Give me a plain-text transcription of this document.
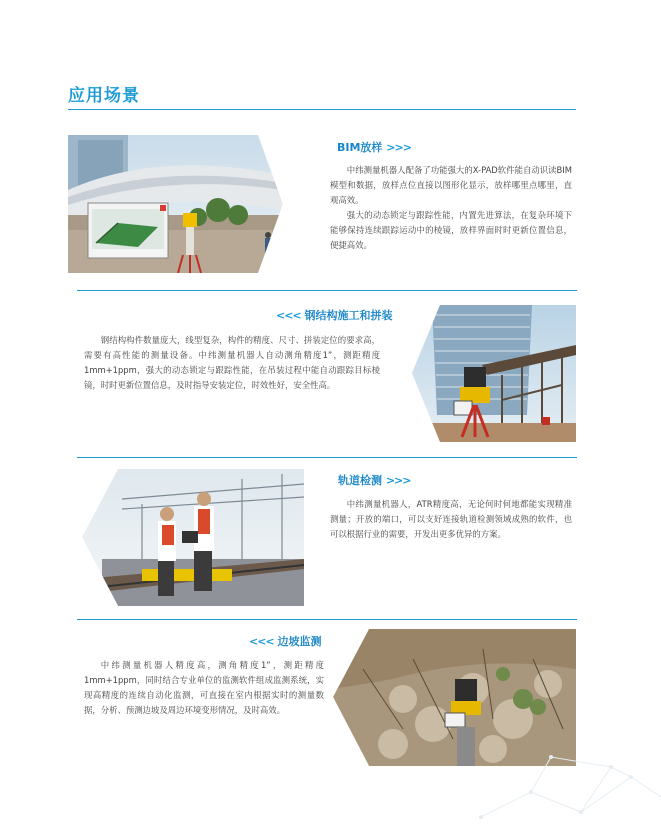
应用场景
BIM放样 >>>

中纬测量机器人配备了功能强大的X-PAD软件能自动识读BIM模型和数据，放样点位直接以图形化显示，放样哪里点哪里，直观高效。

强大的动态锁定与跟踪性能，内置先进算法，在复杂环境下能够保持连续跟踪运动中的棱镜，放样界面时时更新位置信息，便捷高效。

<<< 钢结构施工和拼装

钢结构构件数量庞大，线型复杂，构件的精度、尺寸、拼装定位的要求高，需要有高性能的测量设备。中纬测量机器人自动测角精度1”，测距精度1mm+1ppm，强大的动态锁定与跟踪性能，在吊装过程中能自动跟踪目标棱镜，时时更新位置信息，及时指导安装定位，时效性好，安全性高。

轨道检测 >>>

中纬测量机器人，ATR精度高，无论何时何地都能实现精准测量；开放的端口，可以支好连接轨道检测领域成熟的软件，也可以根据行业的需要，开发出更多优异的方案。

<<< 边坡监测

中纬测量机器人精度高，测角精度1”，测距精度1mm+1ppm，同时结合专业单位的监测软件组成监测系统，实现高精度的连续自动化监测，可直接在室内根据实时的测量数据，分析、预测边坡及周边环境变形情况，及时高效。
